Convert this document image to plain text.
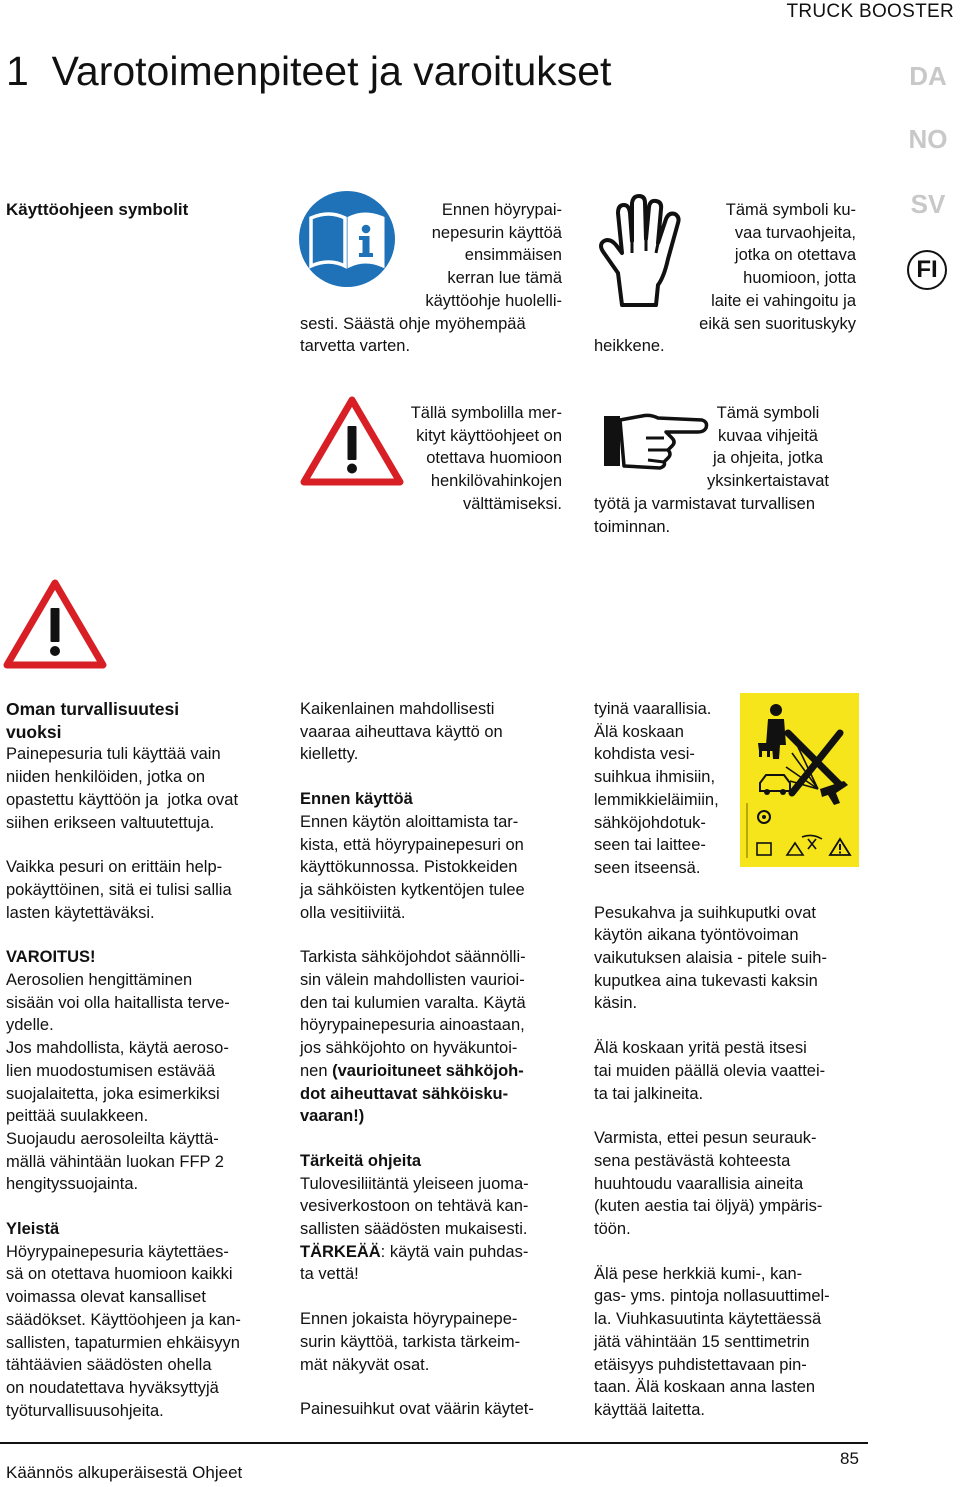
TRUCK BOOSTER
1  Varotoimenpiteet ja varoitukset	DA
NO
SV
FI
Käyttöohjeen symbolit	Ennen höyrypai-
nepesurin käyttöä
ensimmäisen
kerran lue tämä
käyttöohje huolelli-
sesti. Säästä ohje myöhempää
tarvetta varten.
Tämä symboli ku-
vaa turvaohjeita,
jotka on otettava
huomioon, jotta
laite ei vahingoitu ja
eikä sen suorituskyky
heikkene.
Tällä symbolilla mer-
kityt käyttöohjeet on
otettava huomioon
henkilövahinkojen
välttämiseksi.
Tämä symboli
kuvaa vihjeitä
ja ohjeita, jotka
yksinkertaistavat
työtä ja varmistavat turvallisen
toiminnan.
Oman turvallisuutesi
vuoksi
Painepesuria tuli käyttää vain
niiden henkilöiden, jotka on
opastettu käyttöön ja  jotka ovat
siihen erikseen valtuutettuja.
Vaikka pesuri on erittäin help-
pokäyttöinen, sitä ei tulisi sallia
lasten käytettäväksi.
VAROITUS!
Aerosolien hengittäminen
sisään voi olla haitallista terve-
ydelle.
Jos mahdollista, käytä aeroso-
lien muodostumisen estävää
suojalaitetta, joka esimerkiksi
peittää suulakkeen.
Suojaudu aerosoleilta käyttä-
mällä vähintään luokan FFP 2
hengityssuojainta.
Yleistä
Höyrypainepesuria käytettäes-
sä on otettava huomioon kaikki
voimassa olevat kansalliset
säädökset. Käyttöohjeen ja kan-
sallisten, tapaturmien ehkäisyyn
tähtäävien säädösten ohella
on noudatettava hyväksyttyjä
työturvallisuusohjeita.
Kaikenlainen mahdollisesti
vaaraa aiheuttava käyttö on
kielletty.
Ennen käyttöä
Ennen käytön aloittamista tar-
kista, että höyrypainepesuri on
käyttökunnossa. Pistokkeiden
ja sähköisten kytkentöjen tulee
olla vesitiiviitä.
Tarkista sähköjohdot säännölli-
sin välein mahdollisten vaurioi-
den tai kulumien varalta. Käytä
höyrypainepesuria ainoastaan,
jos sähköjohto on hyväkuntoi-
nen (vaurioituneet sähköjoh-
dot aiheuttavat sähköisku-
vaaran!)
Tärkeitä ohjeita
Tulovesiliitäntä yleiseen juoma-
vesiverkostoon on tehtävä kan-
sallisten säädösten mukaisesti.
TÄRKEÄÄ: käytä vain puhdas-
ta vettä!
Ennen jokaista höyrypainepe-
surin käyttöä, tarkista tärkeim-
mät näkyvät osat.
Painesuihkut ovat väärin käytet-
tyinä vaarallisia.
Älä koskaan
kohdista vesi-
suihkua ihmisiin,
lemmikkieläimiin,
sähköjohdotuk-
seen tai laittee-
seen itseensä.
Pesukahva ja suihkuputki ovat
käytön aikana työntövoiman
vaikutuksen alaisia - pitele suih-
kuputkea aina tukevasti kaksin
käsin.
Älä koskaan yritä pestä itsesi
tai muiden päällä olevia vaattei-
ta tai jalkineita.
Varmista, ettei pesun seurauk-
sena pestävästä kohteesta
huuhtoudu vaarallisia aineita
(kuten aestia tai öljyä) ympäris-
töön.
Älä pese herkkiä kumi-, kan-
gas- yms. pintoja nollasuuttimel-
la. Viuhkasuutinta käytettäessä
jätä vähintään 15 senttimetrin
etäisyys puhdistettavaan pin-
taan. Älä koskaan anna lasten
käyttää laitetta.
Käännös alkuperäisestä Ohjeet
85
